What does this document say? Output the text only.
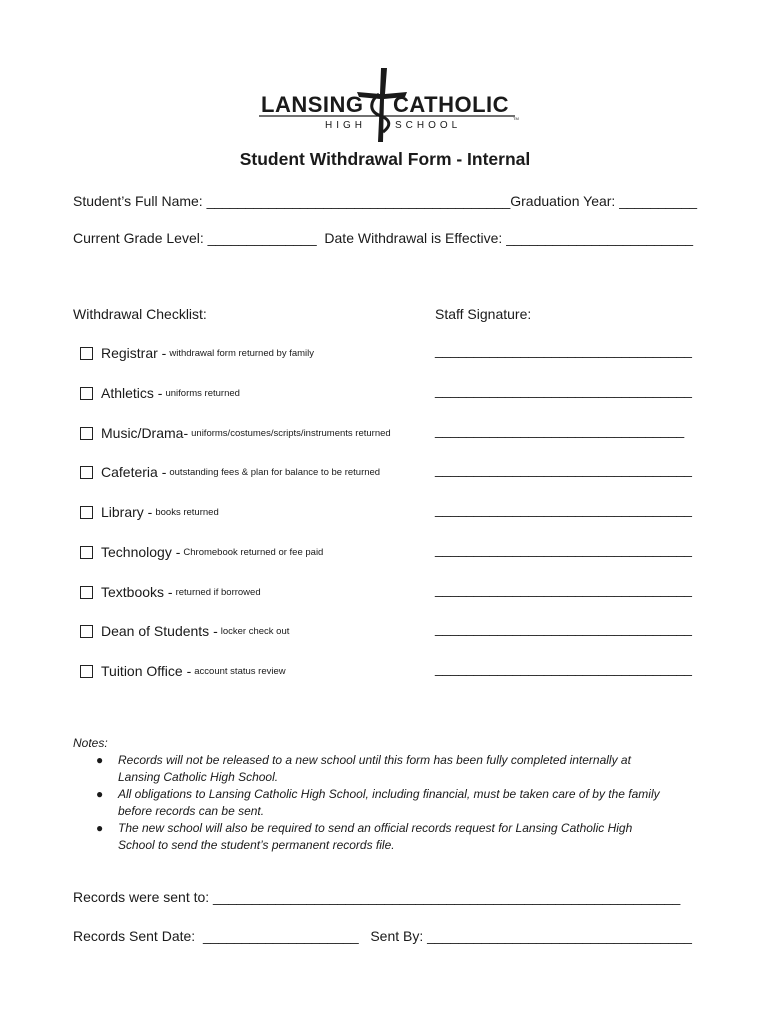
LANSING CATHOLIC
HIGH	SCHOOL
TM

Student Withdrawal Form - Internal
Student’s Full Name: _______________________________________Graduation Year: __________
Current Grade Level: ______________  Date Withdrawal is Effective: ________________________
Withdrawal Checklist:	Staff Signature:
Registrar - withdrawal form returned by family	_________________________________
Athletics - uniforms returned	_________________________________
Music/Drama- uniforms/costumes/scripts/instruments returned	________________________________
Cafeteria - outstanding fees & plan for balance to be returned	_________________________________
Library - books returned	_________________________________
Technology - Chromebook returned or fee paid	_________________________________
Textbooks - returned if borrowed	_________________________________
Dean of Students - locker check out	_________________________________
Tuition Office - account status review	_________________________________
Notes:
● Records will not be released to a new school until this form has been fully completed internally at
Lansing Catholic High School.
● All obligations to Lansing Catholic High School, including financial, must be taken care of by the family
before records can be sent.
● The new school will also be required to send an official records request for Lansing Catholic High
School to send the student’s permanent records file.
Records were sent to: ____________________________________________________________
Records Sent Date:  ____________________   Sent By: __________________________________
